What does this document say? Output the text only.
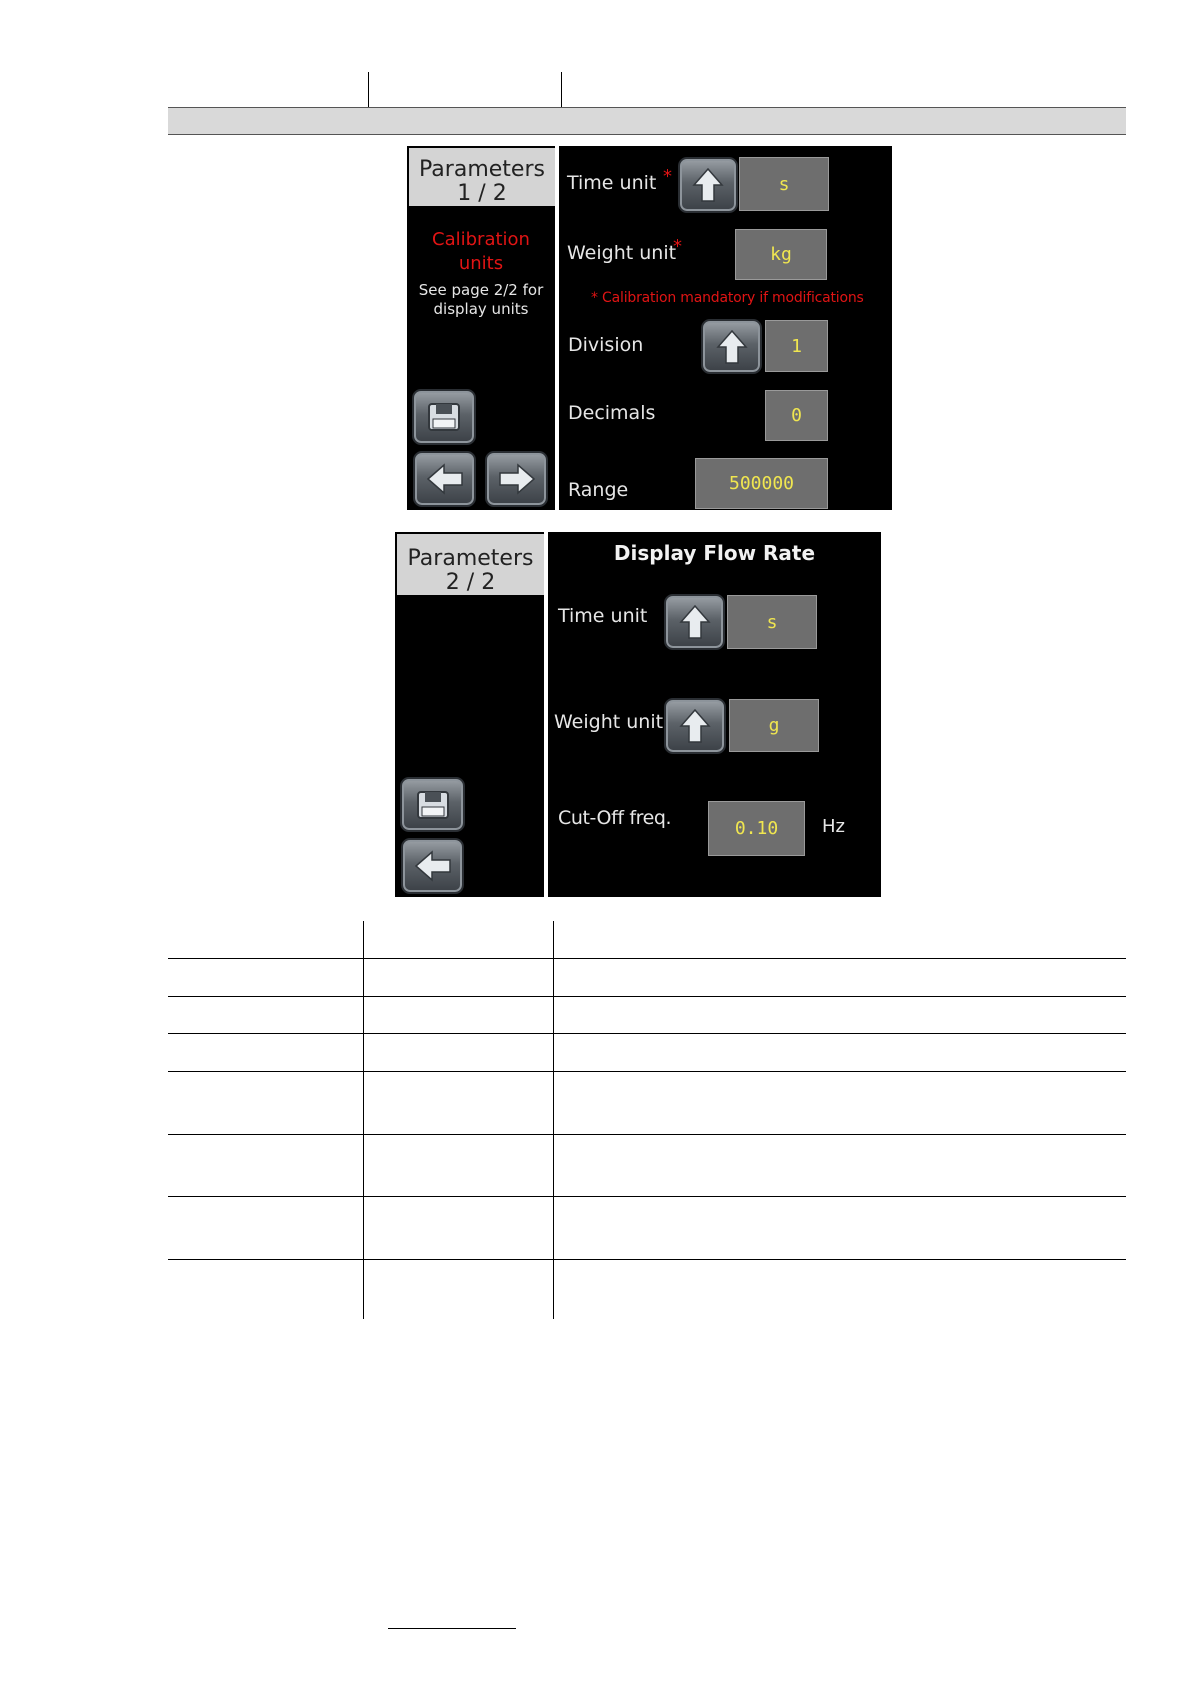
Parameters
1 / 2
Calibration
units
See page 2/2 for
display units
Time unit *	s
Weight unit
*	kg
* Calibration mandatory if modifications
Division	1
Decimals	0
Range	500000
Parameters
2 / 2
Display Flow Rate
Time unit	s
Weight unit	g
Cut-Off freq.	0.10	Hz
